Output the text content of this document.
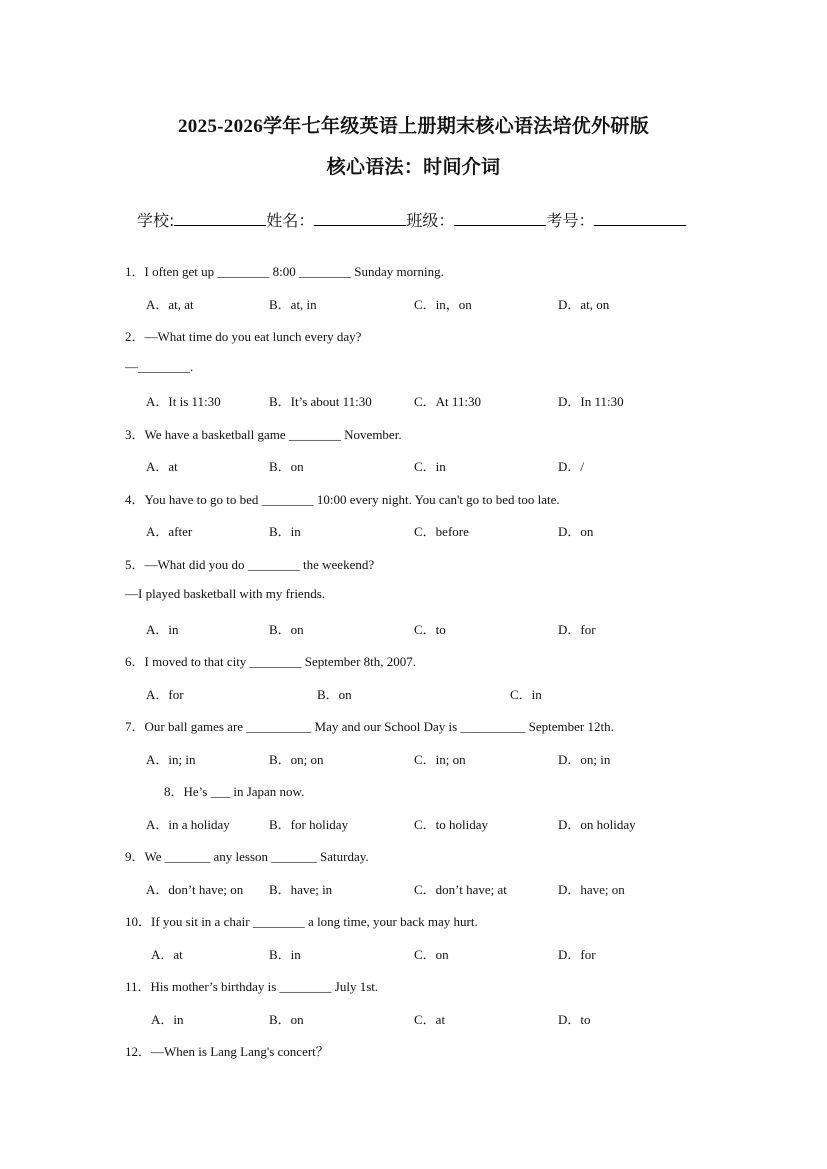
2025-2026学年七年级英语上册期末核心语法培优外研版
核心语法：时间介词
学校:	姓名：	班级：	考号：
1．I often get up ________ 8:00 ________ Sunday morning.
A．at, at	B．at, in	C．in，on	D．at, on
2．—What time do you eat lunch every day?
—________.
A．It is 11:30	B．It’s about 11:30	C．At 11:30	D．In 11:30
3．We have a basketball game ________ November.
A．at	B．on	C．in	D．/
4．You have to go to bed ________ 10:00 every night. You can't go to bed too late.
A．after	B．in	C．before	D．on
5．—What did you do ________ the weekend?
—I played basketball with my friends.
A．in	B．on	C．to	D．for
6．I moved to that city ________ September 8th, 2007.
A．for	B．on	C．in
7．Our ball games are __________ May and our School Day is __________ September 12th.
A．in; in	B．on; on	C．in; on	D．on; in
8．He’s ___ in Japan now.
A．in a holiday	B．for holiday	C．to holiday	D．on holiday
9．We _______ any lesson _______ Saturday.
A．don’t have; on B．have; in	C．don’t have; at	D．have; on
10．If you sit in a chair ________ a long time, your back may hurt.
A．at	B．in	C．on	D．for
11．His mother’s birthday is ________ July 1st.
A．in	B．on	C．at	D．to
12．—When is Lang Lang's concert？
